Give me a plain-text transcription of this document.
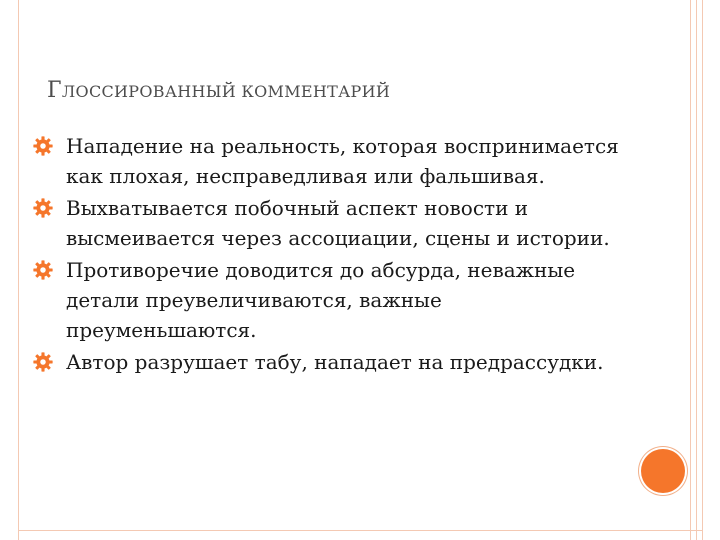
ГЛОССИРОВАННЫЙ КОММЕНТАРИЙ
Нападение на реальность, которая воспринимается как плохая, несправедливая или фальшивая.
Выхватывается побочный аспект новости и высмеивается через ассоциации, сцены и истории.
Противоречие доводится до абсурда, неважные детали преувеличиваются, важные преуменьшаются.
Автор разрушает табу, нападает на предрассудки.
